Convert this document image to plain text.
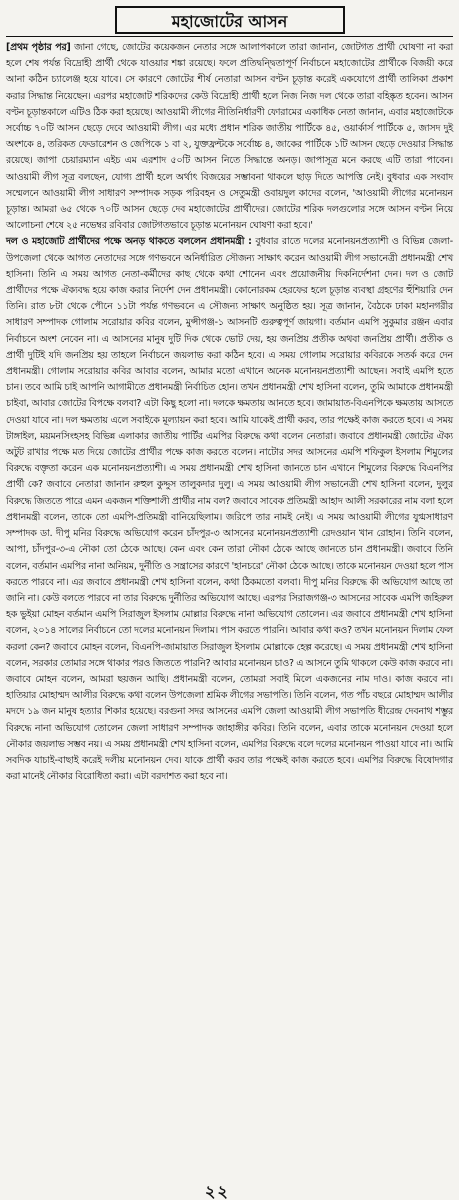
মহাজোটের আসন

[প্রথম পৃষ্ঠার পর] জানা গেছে, জোটের কয়েকজন নেতার সঙ্গে আলাপকালে তারা জানান, জোটগত প্রার্থী ঘোষণা না করা হলে শেষ পর্যন্ত বিদ্রোহী প্রার্থী থেকে যাওয়ার শঙ্কা রয়েছে। ফলে প্রতিদ্বন্দ্বিতাপূর্ণ নির্বাচনে মহাজোটের প্রার্থীকে বিজয়ী করে আনা কঠিন চ্যালেঞ্জ হয়ে যাবে। সে কারণে জোটের শীর্ষ নেতারা আসন বণ্টন চূড়ান্ত করেই একযোগে প্রার্থী তালিকা প্রকাশ করার সিদ্ধান্ত নিয়েছেন। এরপর মহাজোট শরিকদের কেউ বিদ্রোহী প্রার্থী হলে নিজ নিজ দল থেকে তারা বহিষ্কৃত হবেন। আসন বণ্টন চূড়ান্তকালে এটিও ঠিক করা হয়েছে। আওয়ামী লীগের নীতিনির্ধারণী ফোরামের একাধিক নেতা জানান, এবার মহাজোটকে সর্বোচ্চ ৭০টি আসন ছেড়ে দেবে আওয়ামী লীগ। এর মধ্যে প্রধান শরিক জাতীয় পার্টিকে ৪৫, ওয়ার্কার্স পার্টিকে ৫, জাসদ দুই অংশকে ৪, তরিকত ফেডারেশন ও জেপিকে ১ বা ২, যুক্তফ্রন্টকে সর্বোচ্চ ৪, জাকের পার্টিকে ১টি আসন ছেড়ে দেওয়ার সিদ্ধান্ত রয়েছে। জাপা চেয়ারম্যান এইচ এম এরশাদ ৫০টি আসন নিতে সিদ্ধান্তে অনড়। জাপাসূত্র মনে করছে এটি তারা পাবেন। আওয়ামী লীগ সূত্র বলছেন, যোগ্য প্রার্থী হলে অর্থাৎ বিজয়ের সম্ভাবনা থাকলে ছাড় দিতে আপত্তি নেই। বুধবার এক সংবাদ সম্মেলনে আওয়ামী লীগ সাধারণ সম্পাদক সড়ক পরিবহন ও সেতুমন্ত্রী ওবায়দুল কাদের বলেন, 'আওয়ামী লীগের মনোনয়ন চূড়ান্ত। আমরা ৬৫ থেকে ৭০টি আসন ছেড়ে দেব মহাজোটের প্রার্থীদের। জোটের শরিক দলগুলোর সঙ্গে আসন বণ্টন নিয়ে আলোচনা শেষে ২৫ নভেম্বর রবিবার জোটগতভাবে চূড়ান্ত মনোনয়ন ঘোষণা করা হবে।'

দল ও মহাজোট প্রার্থীদের পক্ষে অনড় থাকতে বললেন প্রধানমন্ত্রী : বুধবার রাতে দলের মনোনয়নপ্রত্যাশী ও বিভিন্ন জেলা-উপজেলা থেকে আগত নেতাদের সঙ্গে গণভবনে অনির্ধারিত সৌজন্য সাক্ষাৎ করেন আওয়ামী লীগ সভানেত্রী প্রধানমন্ত্রী শেখ হাসিনা। তিনি এ সময় আগত নেতা-কর্মীদের কাছ থেকে কথা শোনেন এবং প্রয়োজনীয় দিকনির্দেশনা দেন। দল ও জোট প্রার্থীদের পক্ষে ঐক্যবদ্ধ হয়ে কাজ করার নির্দেশ দেন প্রধানমন্ত্রী। কোনোরকম হেরফের হলে চূড়ান্ত ব্যবস্থা গ্রহণের হুঁশিয়ারি দেন তিনি। রাত ৮টা থেকে পৌনে ১১টা পর্যন্ত গণভবনে এ সৌজন্য সাক্ষাৎ অনুষ্ঠিত হয়। সূত্র জানান, বৈঠকে ঢাকা মহানগরীর সাধারণ সম্পাদক গোলাম সরোয়ার কবির বলেন, মুন্সীগঞ্জ-১ আসনটি গুরুত্বপূর্ণ জায়গা। বর্তমান এমপি সুকুমার রঞ্জন এবার নির্বাচনে অংশ নেবেন না। এ আসনের মানুষ দুটি দিক থেকে ভোট দেয়, হয় জনপ্রিয় প্রতীক অথবা জনপ্রিয় প্রার্থী। প্রতীক ও প্রার্থী দুটিই যদি জনপ্রিয় হয় তাহলে নির্বাচনে জয়লাভ করা কঠিন হবে। এ সময় গোলাম সরোয়ার কবিরকে সতর্ক করে দেন প্রধানমন্ত্রী। গোলাম সরোয়ার কবির আবার বলেন, আমার মতো এখানে অনেক মনোনয়নপ্রত্যাশী আছেন। সবাই এমপি হতে চান। তবে আমি চাই আপনি আগামীতে প্রধানমন্ত্রী নির্বাচিত হোন। তখন প্রধানমন্ত্রী শেখ হাসিনা বলেন, তুমি আমাকে প্রধানমন্ত্রী চাইবা, আবার জোটের বিপক্ষে বলবা? এটা কিছু হলো না। দলকে ক্ষমতায় আনতে হবে। জামায়াত-বিএনপিকে ক্ষমতায় আসতে দেওয়া যাবে না। দল ক্ষমতায় এলে সবাইকে মূল্যায়ন করা হবে। আমি যাকেই প্রার্থী করব, তার পক্ষেই কাজ করতে হবে। এ সময় টাঙ্গাইল, ময়মনসিংহসহ বিভিন্ন এলাকার জাতীয় পার্টির এমপির বিরুদ্ধে কথা বলেন নেতারা। জবাবে প্রধানমন্ত্রী জোটের ঐক্য অটুট রাখার পক্ষে মত দিয়ে জোটের প্রার্থীর পক্ষে কাজ করতে বলেন। নাটোর সদর আসনের এমপি শফিকুল ইসলাম শিমুলের বিরুদ্ধে বক্তৃতা করেন এক মনোনয়নপ্রত্যাশী। এ সময় প্রধানমন্ত্রী শেখ হাসিনা জানতে চান এখানে শিমুলের বিরুদ্ধে বিএনপির প্রার্থী কে? জবাবে নেতারা জানান রুহুল কুদ্দুস তালুকদার দুলু। এ সময় আওয়ামী লীগ সভানেত্রী শেখ হাসিনা বলেন, দুলুর বিরুদ্ধে জিততে পারে এমন একজন শক্তিশালী প্রার্থীর নাম বল? জবাবে সাবেক প্রতিমন্ত্রী আহাদ আলী সরকারের নাম বলা হলে প্রধানমন্ত্রী বলেন, তাকে তো এমপি-প্রতিমন্ত্রী বানিয়েছিলাম। জরিপে তার নামই নেই। এ সময় আওয়ামী লীগের যুগ্মসাধারণ সম্পাদক ডা. দীপু মনির বিরুদ্ধে অভিযোগ করেন চাঁদপুর-৩ আসনের মনোনয়নপ্রত্যাশী রেদওয়ান খান রোহান। তিনি বলেন, আপা, চাঁদপুর-৩-এ নৌকা তো ঠেকে আছে। কেন এবং কেন তারা নৌকা ঠেকে আছে জানতে চান প্রধানমন্ত্রী। জবাবে তিনি বলেন, বর্তমান এমপির নানা অনিয়ম, দুর্নীতি ও সন্ত্রাসের কারণে 'হানচরে' নৌকা ঠেকে আছে। তাকে মনোনয়ন দেওয়া হলে পাস করতে পারবে না। এর জবাবে প্রধানমন্ত্রী শেখ হাসিনা বলেন, কথা ঠিকমতো বলবা। দীপু মনির বিরুদ্ধে কী অভিযোগ আছে তা জানি না। কেউ বলতে পারবে না তার বিরুদ্ধে দুর্নীতির অভিযোগ আছে। এরপর সিরাজগঞ্জ-৩ আসনের সাবেক এমপি জহিরুল হক ভুইয়া মোহন বর্তমান এমপি সিরাজুল ইসলাম মোল্লার বিরুদ্ধে নানা অভিযোগ তোলেন। এর জবাবে প্রধানমন্ত্রী শেখ হাসিনা বলেন, ২০১৪ সালের নির্বাচনে তো দলের মনোনয়ন দিলাম। পাস করতে পারনি। আবার কথা কও? তখন মনোনয়ন দিলাম ফেল করলা কেন? জবাবে মোহন বলেন, বিএনপি-জামায়াত সিরাজুল ইসলাম মোল্লাকে হেল্প করেছে। এ সময় প্রধানমন্ত্রী শেখ হাসিনা বলেন, সরকার তোমার সঙ্গে থাকার পরও জিততে পারনি? আবার মনোনয়ন চাও? এ আসনে তুমি থাকলে কেউ কাজ করবে না। জবাবে মোহন বলেন, আমরা ছয়জন আছি। প্রধানমন্ত্রী বলেন, তোমরা সবাই মিলে একজনের নাম দাও। কাজ করবে না। হাতিয়ার মোহাম্মদ আলীর বিরুদ্ধে কথা বলেন উপজেলা শ্রমিক লীগের সভাপতি। তিনি বলেন, গত পাঁচ বছরে মোহাম্মদ আলীর মদদে ১৯ জন মানুষ হত্যার শিকার হয়েছে। বরগুনা সদর আসনের এমপি জেলা আওয়ামী লীগ সভাপতি ধীরেন্দ্র দেবনাথ শম্ভুর বিরুদ্ধে নানা অভিযোগ তোলেন জেলা সাধারণ সম্পাদক জাহাঙ্গীর কবির। তিনি বলেন, এবার তাকে মনোনয়ন দেওয়া হলে নৌকার জয়লাভ সম্ভব নয়। এ সময় প্রধানমন্ত্রী শেখ হাসিনা বলেন, এমপির বিরুদ্ধে বলে দলের মনোনয়ন পাওয়া যাবে না। আমি সবদিক যাচাই-বাছাই করেই দলীয় মনোনয়ন দেব। যাকে প্রার্থী করব তার পক্ষেই কাজ করতে হবে। এমপির বিরুদ্ধে বিষোদগার করা মানেই নৌকার বিরোধিতা করা। এটা বরদাশত করা হবে না।

২২
